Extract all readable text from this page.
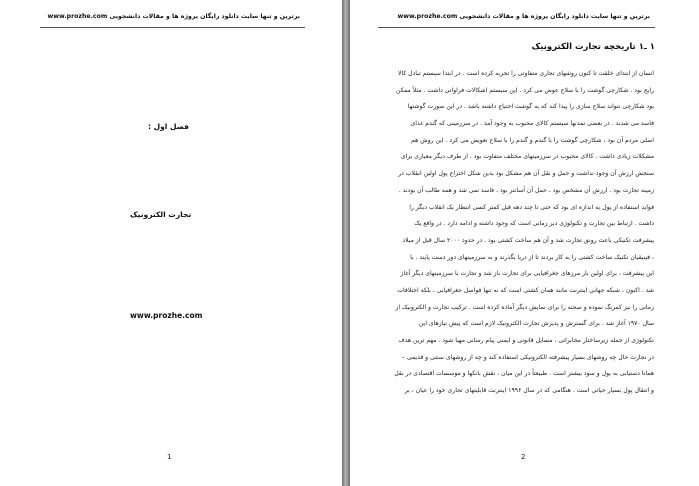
برترین و تنها سایت دانلود رایگان پروژه ها و مقالات دانشجویی www.prozhe.com
فصل اول :
تجارت الکترونیک
www.prozhe.com
1
برترین و تنها سایت دانلود رایگان پروژه ها و مقالات دانشجویی www.prozhe.com
۱ ـ۱ تاریخچه تجارت الکترونیک
انسان از ابتدای خلقت تا کنون روشهای تجاری متفاوتی را تجربه کرده است . در ابتدا سیستم تبادل کالا
رایج بود . شکارچی گوشت را با سلاح عوض می کرد . این سیستم اشکالات فراوانی داشت . مثلاً ممکن
بود شکارچی نتواند سلاح سازی را پیدا کند که به گوشت احتیاج داشته باشد . در این صورت گوشتها
فاسد می شدند . در بعضی تمدنها سیستم کالای محبوب به وجود آمد . در سرزمینی که گندم غذای
اصلی مردم آن بود ، شکارچی گوشت را با گندم و گندم را با سلاح تعویض می کرد . این روش هم
مشکلات زیادی داشت . کالای محبوب در سرزمینهای مختلف متفاوت بود . از طرف دیگر معیاری برای
سنجش ارزش آن وجود نداشت و حمل و نقل آن هم مشکل بود بدین شکل اختراع پول اولین انقلاب در
زمینه تجارت بود . ارزش آن مشخص بود ، حمل آن آسانتر بود ، فاسد نمی شد و همه طالب آن بودند .
فواید استفاده از پول به اندازه ای بود که حتی تا چند دهه قبل کمتر کسی انتظار یک انقلاب دیگر را
داشت . ارتباط بین تجارت و تکنولوژی دیر زمانی است که وجود داشته و ادامه دارد . در واقع یک
پیشرفت تکنیکی باعث رونق تجارت شد و آن هم ساخت کشتی بود . در حدود ۲۰۰۰ سال قبل از میلاد
، فینیقیان تکنیک ساخت کشتی را به کار بردند تا از دریا بگذرند و به سرزمینهای دور دست پایند . با
این پیشرفت ، برای اولین بار مرزهای جغرافیایی برای تجارت باز شد و تجارت با سرزمینهای دیگر آغاز
شد . اکنون ، شبکه جهانی اینترنت مانند همان کشتی است که نه تنها فواصل جغرافیایی ، بلکه اختلافات
زمانی را نیز کمرنگ نموده و صحنه را برای نمایش دیگر آماده کرده است . ترکیب تجارت و الکترونیک از
سال ۱۹۷۰ آغاز شد . برای گسترش و پذیرش تجارت الکترونیک لازم است که پیش نیازهای این
تکنولوژی از جمله زیرساختار مخابراتی ، مسایل قانونی و ایمنی پیام رسانی مهیا شود . مهم ترین هدف
در تجارت حال چه روشهای بسیار پیشرفته الکترونیکی استفاده کند و چه از روشهای سنتی و قدیمی –
همانا دستیابی به پول و سود بیشتر است . طبیعتاً در این میان ، نقش بانکها و موسسات اقتصادی در نقل
و انتقال پول بسیار حیاتی است . هنگامی که در سال ۱۹۹۶ اینترنت قابلیتهای تجاری خود را عیان ، بر
2
